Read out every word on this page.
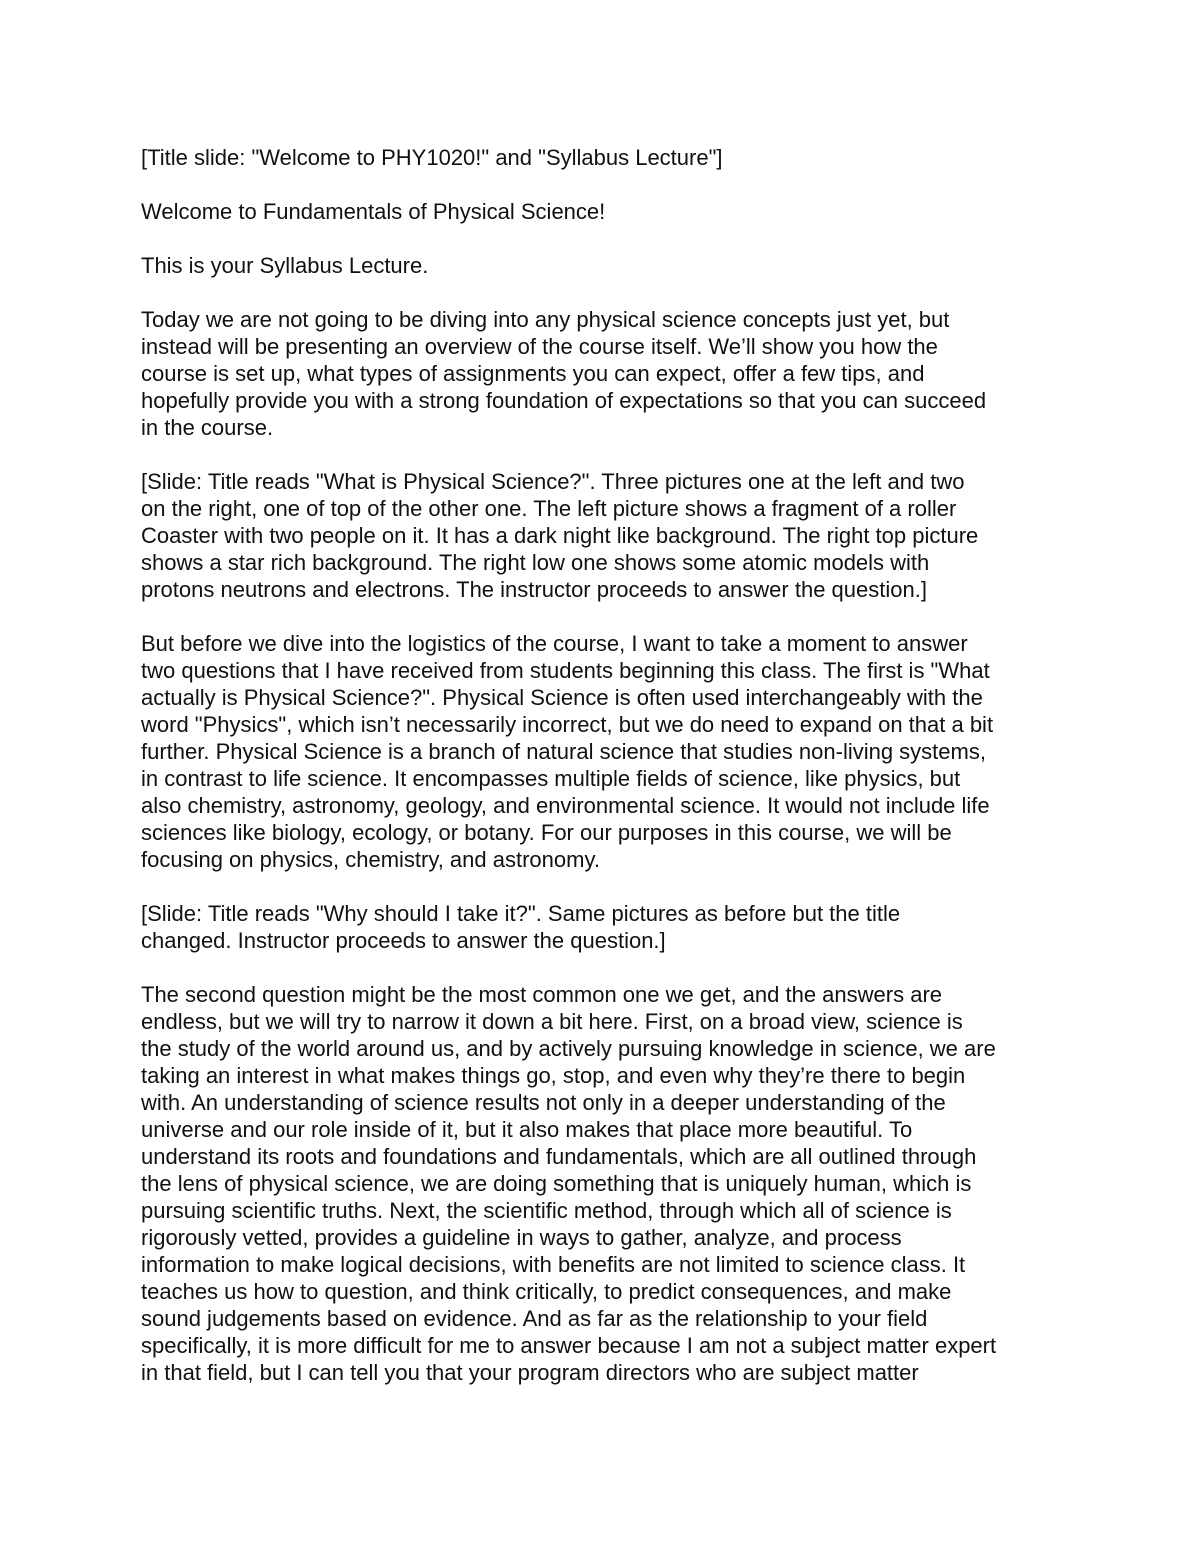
[Title slide: "Welcome to PHY1020!" and "Syllabus Lecture"]

Welcome to Fundamentals of Physical Science!

This is your Syllabus Lecture.

Today we are not going to be diving into any physical science concepts just yet, but
instead will be presenting an overview of the course itself. We’ll show you how the
course is set up, what types of assignments you can expect, offer a few tips, and
hopefully provide you with a strong foundation of expectations so that you can succeed
in the course.

[Slide: Title reads "What is Physical Science?". Three pictures one at the left and two
on the right, one of top of the other one. The left picture shows a fragment of a roller
Coaster with two people on it. It has a dark night like background. The right top picture
shows a star rich background. The right low one shows some atomic models with
protons neutrons and electrons. The instructor proceeds to answer the question.]

But before we dive into the logistics of the course, I want to take a moment to answer
two questions that I have received from students beginning this class. The first is "What
actually is Physical Science?". Physical Science is often used interchangeably with the
word "Physics", which isn’t necessarily incorrect, but we do need to expand on that a bit
further. Physical Science is a branch of natural science that studies non-living systems,
in contrast to life science. It encompasses multiple fields of science, like physics, but
also chemistry, astronomy, geology, and environmental science. It would not include life
sciences like biology, ecology, or botany. For our purposes in this course, we will be
focusing on physics, chemistry, and astronomy.

[Slide: Title reads "Why should I take it?". Same pictures as before but the title
changed. Instructor proceeds to answer the question.]

The second question might be the most common one we get, and the answers are
endless, but we will try to narrow it down a bit here. First, on a broad view, science is
the study of the world around us, and by actively pursuing knowledge in science, we are
taking an interest in what makes things go, stop, and even why they’re there to begin
with. An understanding of science results not only in a deeper understanding of the
universe and our role inside of it, but it also makes that place more beautiful. To
understand its roots and foundations and fundamentals, which are all outlined through
the lens of physical science, we are doing something that is uniquely human, which is
pursuing scientific truths. Next, the scientific method, through which all of science is
rigorously vetted, provides a guideline in ways to gather, analyze, and process
information to make logical decisions, with benefits are not limited to science class. It
teaches us how to question, and think critically, to predict consequences, and make
sound judgements based on evidence. And as far as the relationship to your field
specifically, it is more difficult for me to answer because I am not a subject matter expert
in that field, but I can tell you that your program directors who are subject matter
